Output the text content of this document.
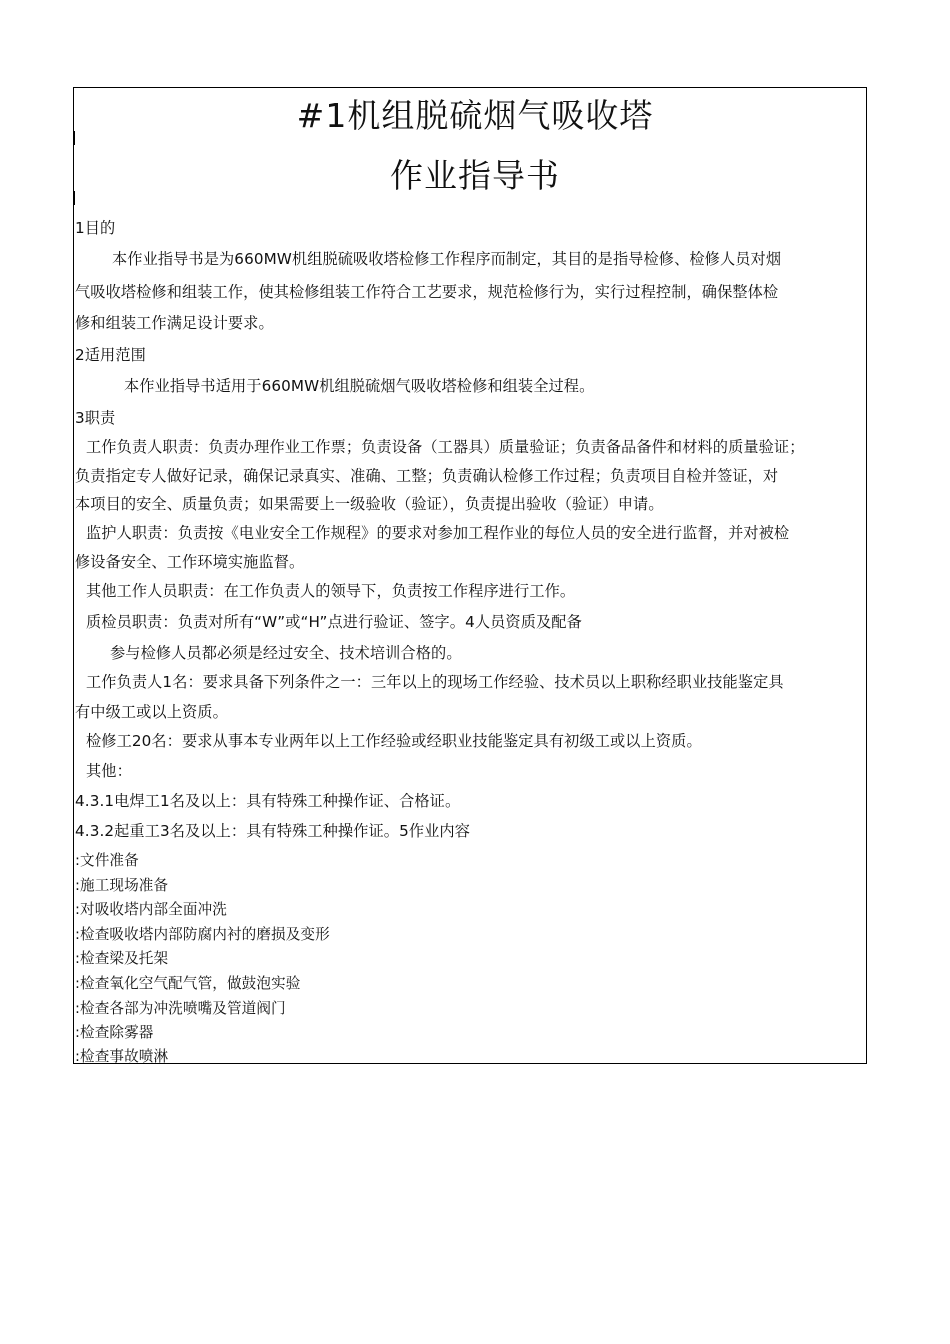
#1机组脱硫烟气吸收塔
作业指导书
1目的
本作业指导书是为660MW机组脱硫吸收塔检修工作程序而制定，其目的是指导检修、检修人员对烟
气吸收塔检修和组装工作，使其检修组装工作符合工艺要求，规范检修行为，实行过程控制，确保整体检
修和组装工作满足设计要求。
2适用范围
本作业指导书适用于660MW机组脱硫烟气吸收塔检修和组装全过程。
3职责
工作负责人职责：负责办理作业工作票；负责设备（工器具）质量验证；负责备品备件和材料的质量验证；
负责指定专人做好记录，确保记录真实、准确、工整；负责确认检修工作过程；负责项目自检并签证，对
本项目的安全、质量负责；如果需要上一级验收（验证），负责提出验收（验证）申请。
监护人职责：负责按《电业安全工作规程》的要求对参加工程作业的每位人员的安全进行监督，并对被检
修设备安全、工作环境实施监督。
其他工作人员职责：在工作负责人的领导下，负责按工作程序进行工作。
质检员职责：负责对所有“W”或“H”点进行验证、签字。4人员资质及配备
参与检修人员都必须是经过安全、技术培训合格的。
工作负责人1名：要求具备下列条件之一：三年以上的现场工作经验、技术员以上职称经职业技能鉴定具
有中级工或以上资质。
检修工20名：要求从事本专业两年以上工作经验或经职业技能鉴定具有初级工或以上资质。
其他：
4.3.1电焊工1名及以上：具有特殊工种操作证、合格证。
4.3.2起重工3名及以上：具有特殊工种操作证。5作业内容
:文件准备
:施工现场准备
:对吸收塔内部全面冲洗
:检查吸收塔内部防腐内衬的磨损及变形
:检查梁及托架
:检查氧化空气配气管，做鼓泡实验
:检查各部为冲洗喷嘴及管道阀门
:检查除雾器
:检查事故喷淋
